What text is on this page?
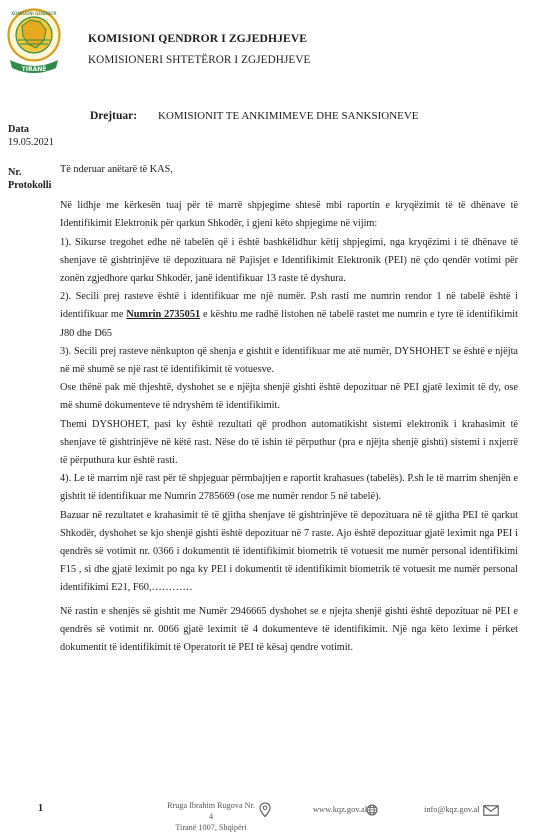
KOMISIONI QENDROR
TIRANË
KOMISIONI QENDROR I ZGJEDHJEVE
KOMISIONERI SHTETËROR I ZGJEDHJEVE
Drejtuar: KOMISIONIT TE ANKIMIMEVE DHE SANKSIONEVE
Data
19.05.2021
Nr.
Protokolli

Të nderuar anëtarë të KAS,

Në lidhje me kërkesën tuaj për të marrë shpjegime shtesë mbi raportin e kryqëzimit të të dhënave të Identifikimit Elektronik për qarkun Shkodër, i gjeni këto shpjegime në vijim:

1). Sikurse tregohet edhe në tabelën që i është bashkëlidhur këtij shpjegimi, nga kryqëzimi i të dhënave të shenjave të gishtrinjëve të depozituara në Pajisjet e Identifikimit Elektronik (PEI) në çdo qendër votimi për zonën zgjedhore qarku Shkodër, janë identifikuar 13 raste të dyshura.

2). Secili prej rasteve është i identifikuar me një numër. P.sh rasti me numrin rendor 1 në tabelë është i identifikuar me Numrin 2735051 e kështu me radhë listohen në tabelë rastet me numrin e tyre të identifikimit J80 dhe D65

3). Secili prej rasteve nënkupton që shenja e gishtit e identifikuar me atë numër, DYSHOHET se është e njëjta në më shumë se një rast të identifikimit të votuesve.

Ose thënë pak më thjeshtë, dyshohet se e njëjta shenjë gishti është depozituar në PEI gjatë leximit të dy, ose më shumë dokumenteve të ndryshëm të identifikimit.

Themi DYSHOHET, pasi ky është rezultati që prodhon automatikisht sistemi elektronik i krahasimit të shenjave të gishtrinjëve në këtë rast. Nëse do të ishin të përputhur (pra e njëjta shenjë gishti) sistemi i nxjerrë të përputhura kur është rasti.

4). Le të marrim një rast për të shpjeguar përmbajtjen e raportit krahasues (tabelës). P.sh le të marrim shenjën e gishtit të identifikuar me Numrin 2785669 (ose me numër rendor 5 në tabelë).

Bazuar në rezultatet e krahasimit të të gjitha shenjave të gishtrinjëve të depozituara në të gjitha PEI të qarkut Shkodër, dyshohet se kjo shenjë gishti është depozituar në 7 raste. Ajo është depozituar gjatë leximit nga PEI i qendrës së votimit nr. 0366 i dokumentit të identifikimit biometrik të votuesit me numër personal identifikimi F15 , si dhe gjatë leximit po nga ky PEI i dokumentit të identifikimit biometrik të votuesit me numër personal identifikimi E21, F60,…………

Në rastin e shenjës së gishtit me Numër 2946665 dyshohet se e njejta shenjë gishti është depozituar në PEI e qendrës së votimit nr. 0066 gjatë leximit të 4 dokumenteve të identifikimit. Një nga këto lexime i përket dokumentit të identifikimit të Operatorit të PEI të kësaj qendre votimit.

1	Rruga Ibrahim Rugova Nr. 4
Tiranë 1007, Shqipëri
www.kqz.gov.al	info@kqz.gov.al
